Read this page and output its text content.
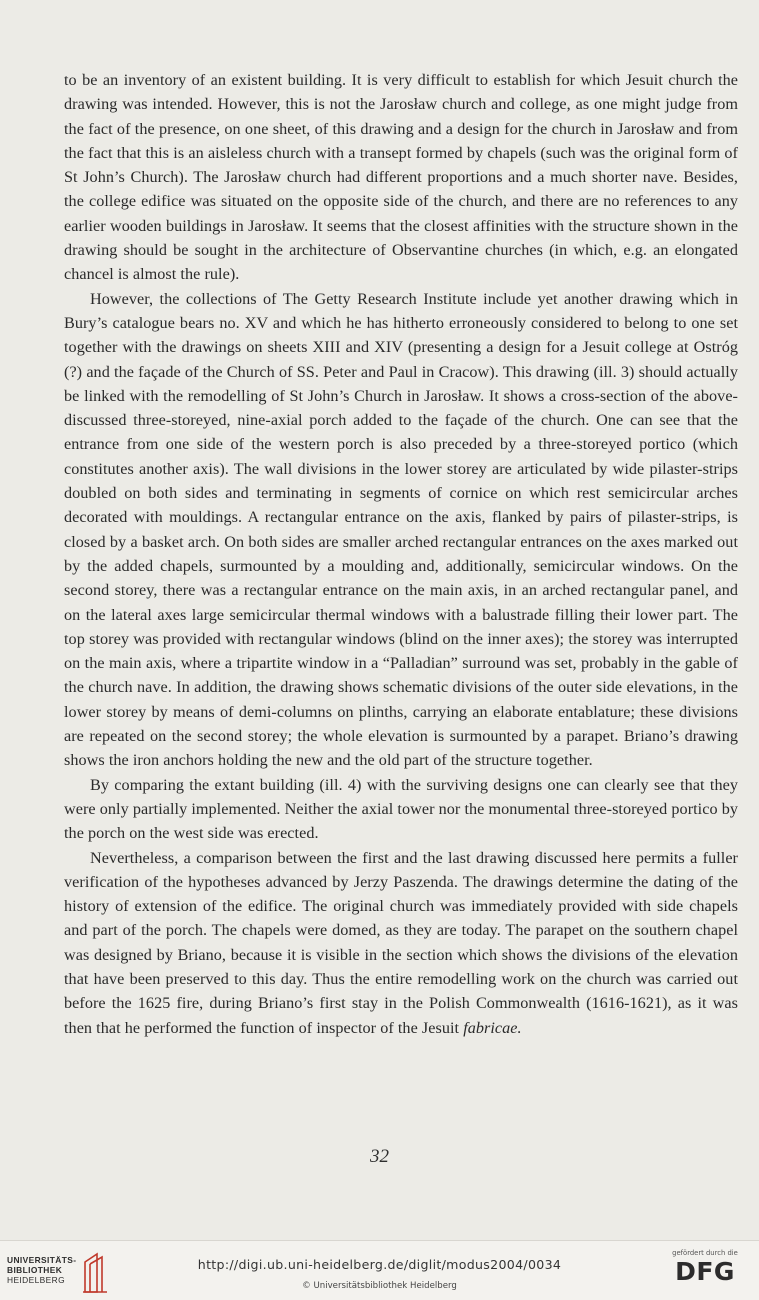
to be an inventory of an existent building. It is very difficult to establish for which Jesuit church the drawing was intended. However, this is not the Jarosław church and college, as one might judge from the fact of the presence, on one sheet, of this drawing and a design for the church in Jarosław and from the fact that this is an aisleless church with a transept formed by chapels (such was the original form of St John’s Church). The Jarosław church had different proportions and a much shorter nave. Besides, the college edifice was situated on the opposite side of the church, and there are no references to any earlier wooden buildings in Jarosław. It seems that the closest affinities with the structure shown in the drawing should be sought in the architecture of Observantine churches (in which, e.g. an elongated chancel is almost the rule).

However, the collections of The Getty Research Institute include yet another drawing which in Bury’s catalogue bears no. XV and which he has hitherto erroneously considered to belong to one set together with the drawings on sheets XIII and XIV (presenting a design for a Jesuit college at Ostróg (?) and the façade of the Church of SS. Peter and Paul in Cracow). This drawing (ill. 3) should actually be linked with the remodelling of St John’s Church in Jarosław. It shows a cross-section of the above-discussed three-storeyed, nine-axial porch added to the façade of the church. One can see that the entrance from one side of the western porch is also preceded by a three-storeyed portico (which constitutes another axis). The wall divisions in the lower storey are articulated by wide pilaster-strips doubled on both sides and terminating in segments of cornice on which rest semicircular arches decorated with mouldings. A rectangular entrance on the axis, flanked by pairs of pilaster-strips, is closed by a basket arch. On both sides are smaller arched rectangular entrances on the axes marked out by the added chapels, surmounted by a moulding and, additionally, semicircular windows. On the second storey, there was a rectangular entrance on the main axis, in an arched rectangular panel, and on the lateral axes large semicircular thermal windows with a balustrade filling their lower part. The top storey was provided with rectangular windows (blind on the inner axes); the storey was interrupted on the main axis, where a tripartite window in a “Palladian” surround was set, probably in the gable of the church nave. In addition, the drawing shows schematic divisions of the outer side elevations, in the lower storey by means of demi-columns on plinths, carrying an elaborate entablature; these divisions are repeated on the second storey; the whole elevation is surmounted by a parapet. Briano’s drawing shows the iron anchors holding the new and the old part of the structure together.

By comparing the extant building (ill. 4) with the surviving designs one can clearly see that they were only partially implemented. Neither the axial tower nor the monumental three-storeyed portico by the porch on the west side was erected.

Nevertheless, a comparison between the first and the last drawing discussed here permits a fuller verification of the hypotheses advanced by Jerzy Paszenda. The drawings determine the dating of the history of extension of the edifice. The original church was immediately provided with side chapels and part of the porch. The chapels were domed, as they are today. The parapet on the southern chapel was designed by Briano, because it is visible in the section which shows the divisions of the elevation that have been preserved to this day. Thus the entire remodelling work on the church was carried out before the 1625 fire, during Briano’s first stay in the Polish Commonwealth (1616-1621), as it was then that he performed the function of inspector of the Jesuit fabricae.

32
UNIVERSITÄTS-
BIBLIOTHEK
HEIDELBERG
http://digi.ub.uni-heidelberg.de/diglit/modus2004/0034
© Universitätsbibliothek Heidelberg
gefördert durch die
DFG
